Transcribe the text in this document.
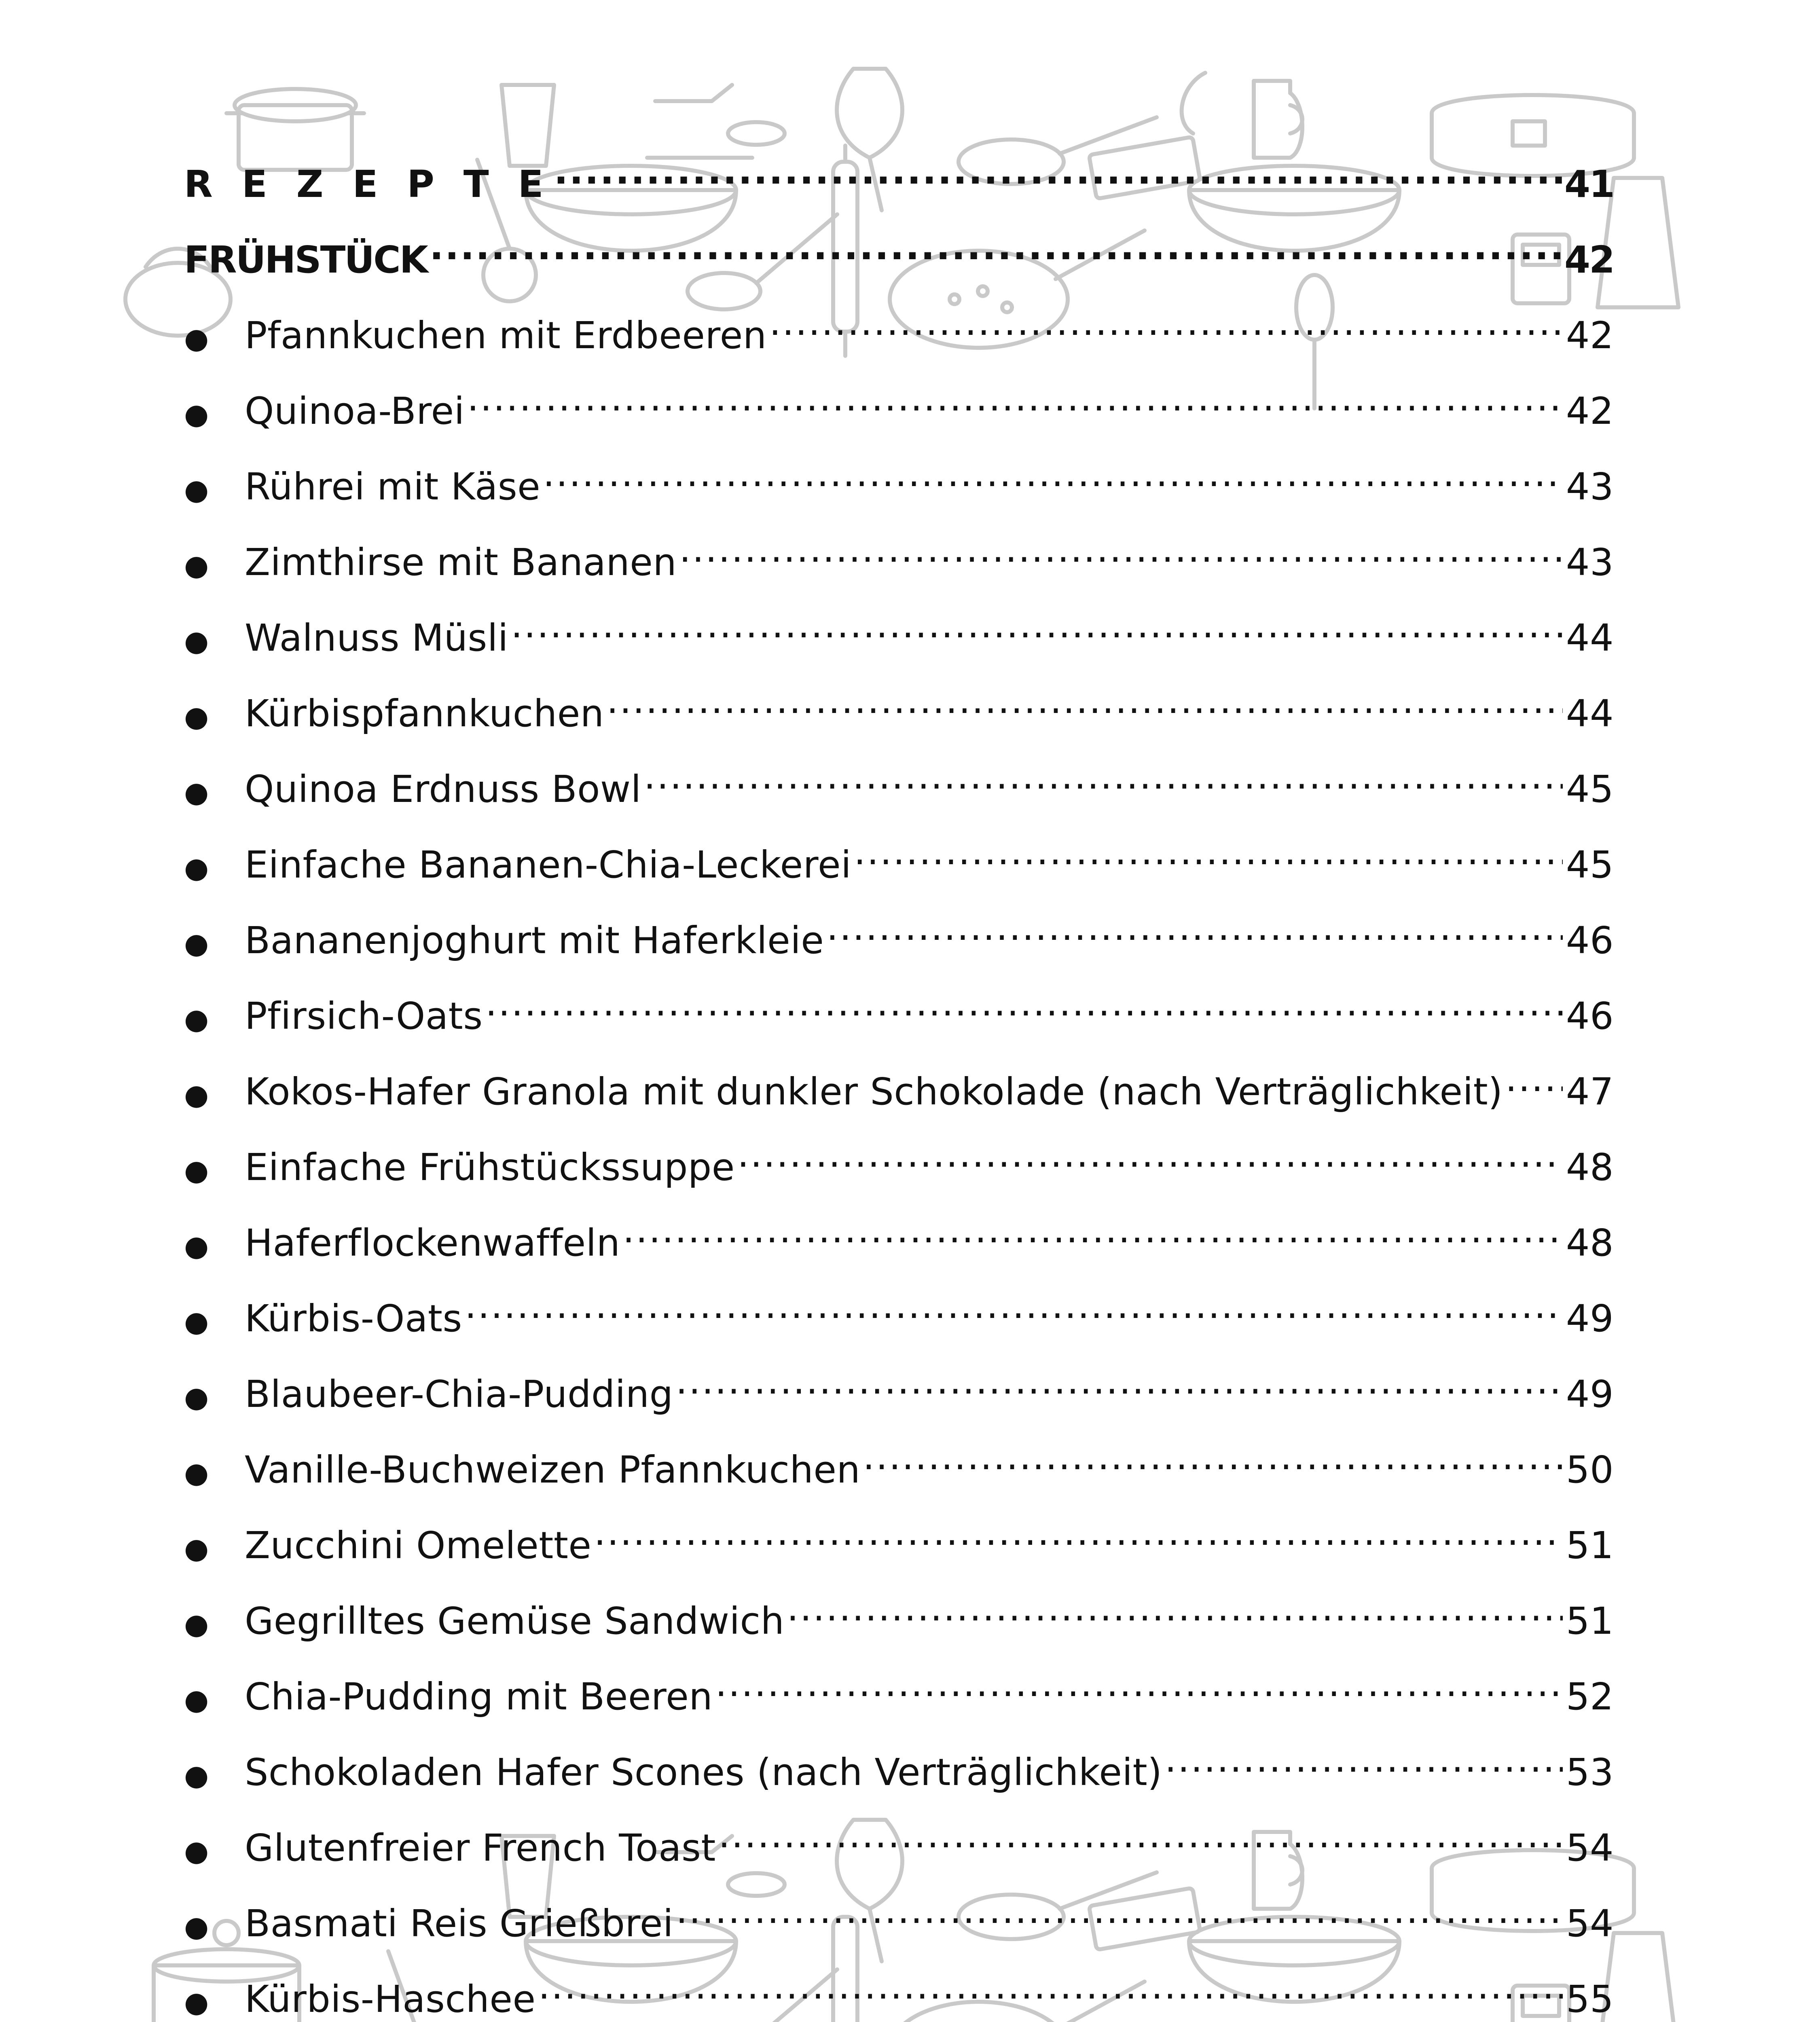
R E Z E P T E .....	41
FRÜHSTÜCK .....	42
● Pfannkuchen mit Erdbeeren .....	42
● Quinoa-Brei .....	42
● Rührei mit Käse .....	43
● Zimthirse mit Bananen .....	43
● Walnuss Müsli .....	44
● Kürbispfannkuchen .....	44
● Quinoa Erdnuss Bowl .....	45
● Einfache Bananen-Chia-Leckerei .....	45
● Bananenjoghurt mit Haferkleie .....	46
● Pfirsich-Oats .....	46
● Kokos-Hafer Granola mit dunkler Schokolade (nach Verträglichkeit) ..... 47
● Einfache Frühstückssuppe .....	48
● Haferflockenwaffeln .....	48
● Kürbis-Oats .....	49
● Blaubeer-Chia-Pudding .....	49
● Vanille-Buchweizen Pfannkuchen .....	50
● Zucchini Omelette .....	51
● Gegrilltes Gemüse Sandwich .....	51
● Chia-Pudding mit Beeren .....	52
● Schokoladen Hafer Scones (nach Verträglichkeit) .....	53
● Glutenfreier French Toast .....	54
● Basmati Reis Grießbrei .....	54
● Kürbis-Haschee .....	55
